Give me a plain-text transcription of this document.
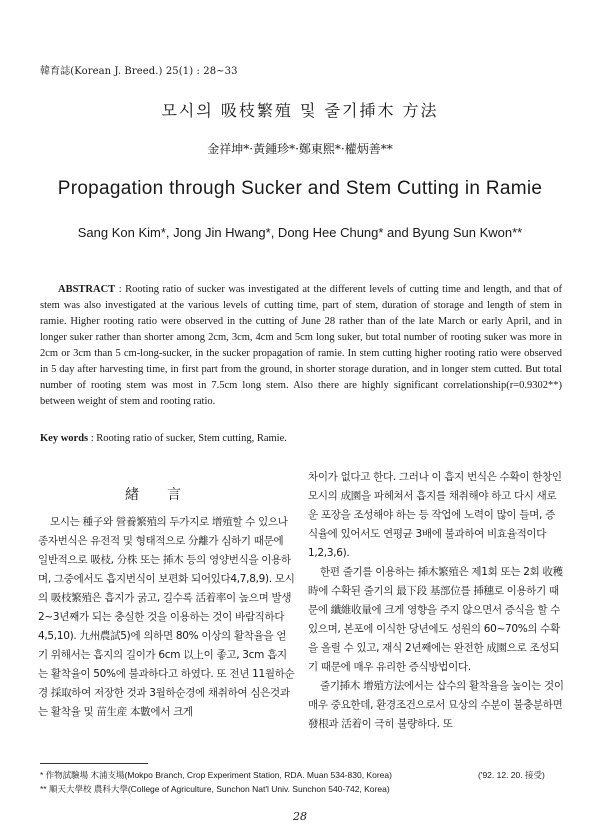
韓育誌(Korean J. Breed.) 25(1) : 28~33
모시의 吸枝繁殖 및 줄기揷木 方法
金祥坤*·黃鍾珍*·鄭東熙*·權炳善**
Propagation through Sucker and Stem Cutting in Ramie
Sang Kon Kim*, Jong Jin Hwang*, Dong Hee Chung* and Byung Sun Kwon**

ABSTRACT : Rooting ratio of sucker was investigated at the different levels of cutting time and length, and that of stem was also investigated at the various levels of cutting time, part of stem, duration of storage and length of stem in ramie. Higher rooting ratio were observed in the cutting of June 28 rather than of the late March or early April, and in longer suker rather than shorter among 2cm, 3cm, 4cm and 5cm long suker, but total number of rooting suker was more in 2cm or 3cm than 5 cm-long-sucker, in the sucker propagation of ramie. In stem cutting higher rooting ratio were observed in 5 day after harvesting time, in first part from the ground, in shorter storage duration, and in longer stem cutted. But total number of rooting stem was most in 7.5cm long stem. Also there are highly significant correlationship(r=0.9302**) between weight of stem and rooting ratio.

Key words : Rooting ratio of sucker, Stem cutting, Ramie.
緖言

모시는 種子와 營養繁殖의 두가지로 增殖할 수 있으나 종자번식은 유전적 및 형태적으로 分離가 심하기 때문에 일반적으로 吸枝, 分株 또는 揷木 등의 영양번식을 이용하며, 그중에서도 흡지번식이 보편화 되어있다4,7,8,9). 모시의 吸枝繁殖은 흡지가 굵고, 길수록 活着率이 높으며 발생 2~3년째가 되는 충실한 것을 이용하는 것이 바람직하다4,5,10). 九州農試5)에 의하면 80% 이상의 활착율을 얻기 위해서는 흡지의 길이가 6cm 以上이 좋고, 3cm 흡지는 활착율이 50%에 불과하다고 하였다. 또 전년 11월하순경 採取하여 저장한 것과 3월하순경에 채취하여 심은것과는 활착율 및 苗生産 本數에서 크게

차이가 없다고 한다. 그러나 이 흡지 번식은 수확이 한창인 모시의 成園을 파헤쳐서 흡지를 채취해야 하고 다시 새로운 포장을 조성해야 하는 등 작업에 노력이 많이 들며, 증식율에 있어서도 연평균 3배에 불과하여 비효율적이다1,2,3,6).

한편 줄기를 이용하는 揷木繁殖은 제1회 또는 2회 收穫時에 수확된 줄기의 最下段 基部位를 揷穗로 이용하기 때문에 纖維收量에 크게 영향을 주지 않으면서 증식을 할 수 있으며, 본포에 이식한 당년에도 성원의 60~70%의 수확을 올릴 수 있고, 재식 2년째에는 완전한 成園으로 조성되기 때문에 매우 유리한 증식방법이다.

줄기揷木 增殖方法에서는 삽수의 활착율을 높이는 것이 매우 중요한데, 환경조건으로서 묘상의 수분이 불충분하면 發根과 活着이 극히 불량하다. 또

* 作物試驗場 木浦支場(Mokpo Branch, Crop Experiment Station, RDA. Muan 534-830, Korea)
** 順天大學校 農科大學(College of Agriculture, Sunchon Nat'l Univ. Sunchon 540-742, Korea)
('92. 12. 20. 接受)
28
